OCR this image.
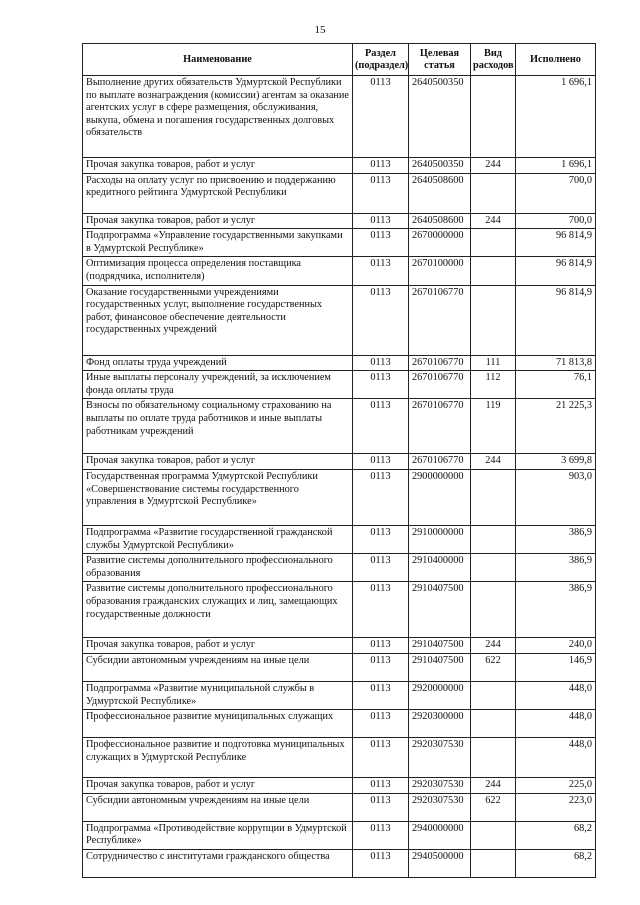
15
Наименование	Раздел (подраздел)	Целевая статья	Вид расходов	Исполнено
Выполнение других обязательств Удмуртской Республики по выплате вознаграждения (комиссии) агентам за оказание агентских услуг в сфере размещения, обслуживания, выкупа, обмена и погашения государственных долговых обязательств	0113	2640500350		1 696,1
Прочая закупка товаров, работ и услуг	0113	2640500350	244	1 696,1
Расходы на оплату услуг по присвоению и поддержанию кредитного рейтинга Удмуртской Республики	0113	2640508600		700,0
Прочая закупка товаров, работ и услуг	0113	2640508600	244	700,0
Подпрограмма «Управление государственными закупками в Удмуртской Республике»	0113	2670000000		96 814,9
Оптимизация процесса определения поставщика (подрядчика, исполнителя)	0113	2670100000		96 814,9
Оказание государственными учреждениями государственных услуг, выполнение государственных работ, финансовое обеспечение деятельности государственных учреждений	0113	2670106770		96 814,9
Фонд оплаты труда учреждений	0113	2670106770	111	71 813,8
Иные выплаты персоналу учреждений, за исключением фонда оплаты труда	0113	2670106770	112	76,1
Взносы по обязательному социальному страхованию на выплаты по оплате труда работников и иные выплаты работникам учреждений	0113	2670106770	119	21 225,3
Прочая закупка товаров, работ и услуг	0113	2670106770	244	3 699,8
Государственная программа Удмуртской Республики «Совершенствование системы государственного управления в Удмуртской Республике»	0113	2900000000		903,0
Подпрограмма «Развитие государственной гражданской службы Удмуртской Республики»	0113	2910000000		386,9
Развитие системы дополнительного профессионального образования	0113	2910400000		386,9
Развитие системы дополнительного профессионального образования гражданских служащих и лиц, замещающих государственные должности	0113	2910407500		386,9
Прочая закупка товаров, работ и услуг	0113	2910407500	244	240,0
Субсидии автономным учреждениям на иные цели	0113	2910407500	622	146,9
Подпрограмма «Развитие муниципальной службы в Удмуртской Республике»	0113	2920000000		448,0
Профессиональное развитие муниципальных служащих	0113	2920300000		448,0
Профессиональное развитие и подготовка муниципальных служащих в Удмуртской Республике	0113	2920307530		448,0
Прочая закупка товаров, работ и услуг	0113	2920307530	244	225,0
Субсидии автономным учреждениям на иные цели	0113	2920307530	622	223,0
Подпрограмма «Противодействие коррупции в Удмуртской Республике»	0113	2940000000		68,2
Сотрудничество с институтами гражданского общества	0113	2940500000		68,2
